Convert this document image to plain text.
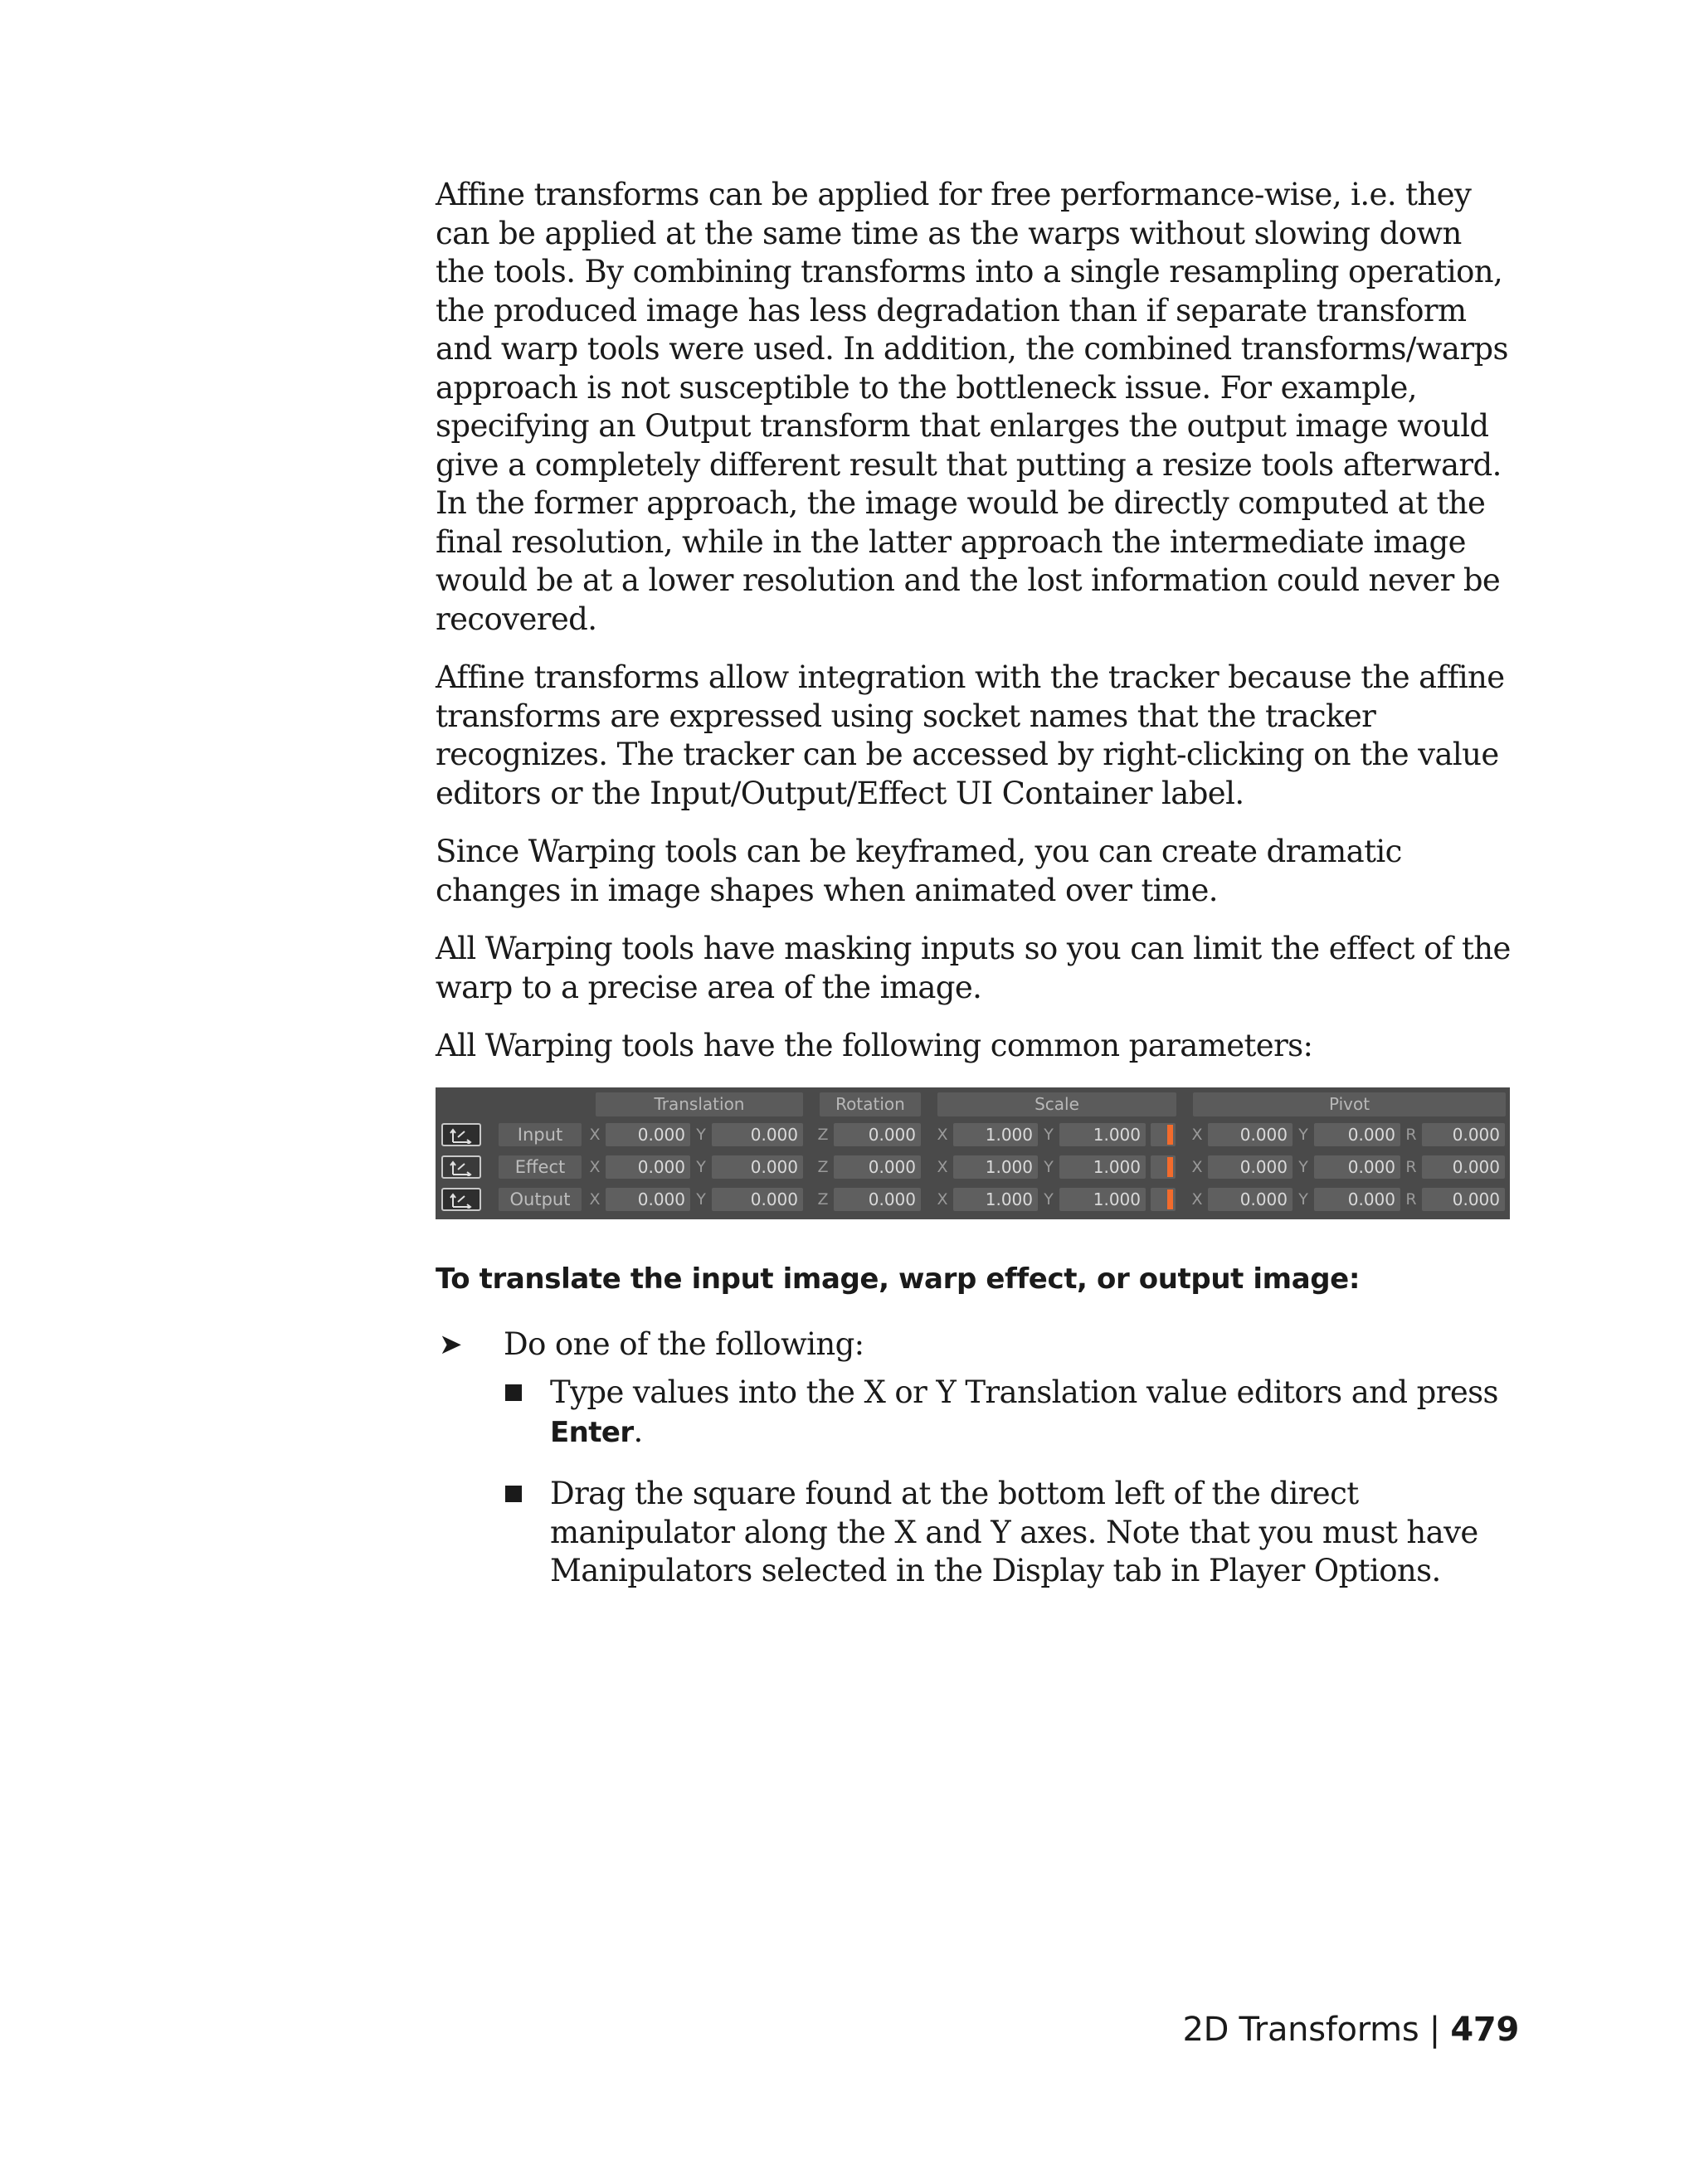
Affine transforms can be applied for free performance-wise, i.e. they can be applied at the same time as the warps without slowing down the tools. By combining transforms into a single resampling operation, the produced image has less degradation than if separate transform and warp tools were used. In addition, the combined transforms/warps approach is not susceptible to the bottleneck issue. For example, specifying an Output transform that enlarges the output image would give a completely different result that putting a resize tools afterward. In the former approach, the image would be directly computed at the final resolution, while in the latter approach the intermediate image would be at a lower resolution and the lost information could never be recovered.

Affine transforms allow integration with the tracker because the affine transforms are expressed using socket names that the tracker recognizes. The tracker can be accessed by right-clicking on the value editors or the Input/Output/Effect UI Container label.

Since Warping tools can be keyframed, you can create dramatic changes in image shapes when animated over time.

All Warping tools have masking inputs so you can limit the effect of the warp to a precise area of the image.

All Warping tools have the following common parameters:

Translation	Rotation	Scale	Pivot
Input	X	0.000 Y	0.000	Z	0.000	X	1.000 Y	1.000	X	0.000 Y	0.000 R	0.000
Effect	X	0.000 Y	0.000	Z	0.000	X	1.000 Y	1.000	X	0.000 Y	0.000 R	0.000
Output	X	0.000 Y	0.000	Z	0.000	X	1.000 Y	1.000	X	0.000 Y	0.000 R	0.000
To translate the input image, warp effect, or output image:
➤ Do one of the following:
Type values into the X or Y Translation value editors and press Enter.
Drag the square found at the bottom left of the direct manipulator along the X and Y axes. Note that you must have Manipulators selected in the Display tab in Player Options.
2D Transforms | 479
